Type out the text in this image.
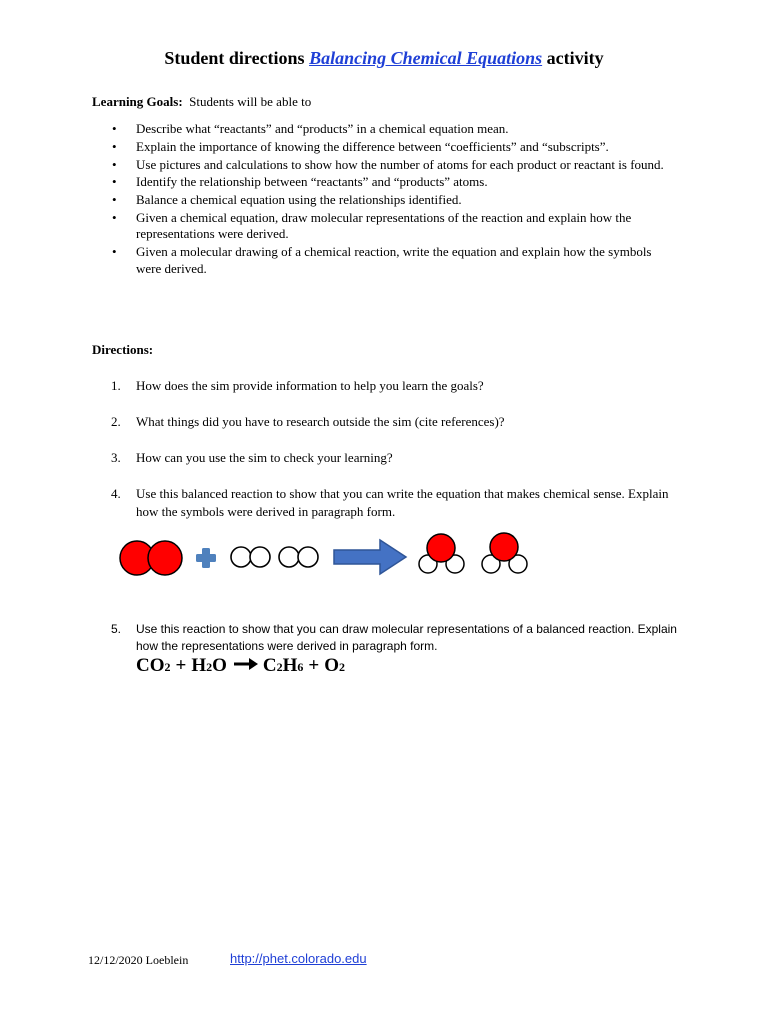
Student directions Balancing Chemical Equations activity
Learning Goals: Students will be able to
• Describe what “reactants” and “products” in a chemical equation mean.
• Explain the importance of knowing the difference between “coefficients” and “subscripts”.
• Use pictures and calculations to show how the number of atoms for each product or reactant is found.
• Identify the relationship between “reactants” and “products” atoms.
• Balance a chemical equation using the relationships identified.
• Given a chemical equation, draw molecular representations of the reaction and explain how the representations were derived.
• Given a molecular drawing of a chemical reaction, write the equation and explain how the symbols were derived.
Directions:
1.	How does the sim provide information to help you learn the goals?
2.	What things did you have to research outside the sim (cite references)?
3.	How can you use the sim to check your learning?
4.	Use this balanced reaction to show that you can write the equation that makes chemical sense. Explain how the symbols were derived in paragraph form.
5.	Use this reaction to show that you can draw molecular representations of a balanced reaction. Explain how the representations were derived in paragraph form.
CO 2 + H 2 O C 2 H 6 + O 2
12/12/2020 Loeblein	http://phet.colorado.edu
